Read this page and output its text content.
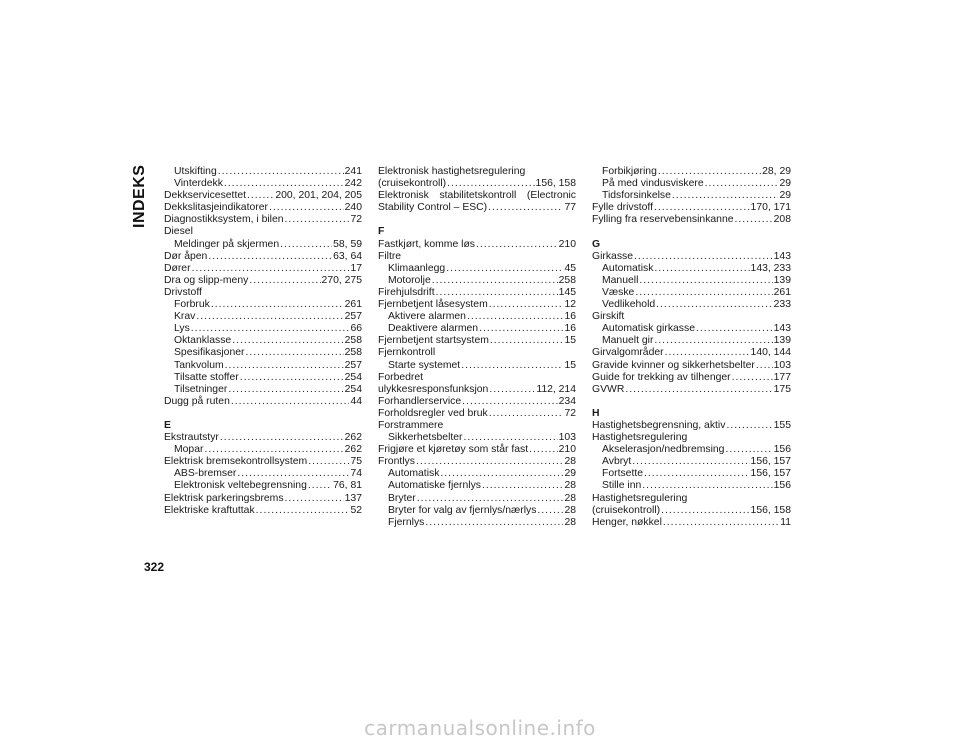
INDEKS	Utskifting .....	241
Vinterdekk .....	242
Dekkservicesettet .....	200, 201, 204, 205
Dekkslitasjeindikatorer .....	240
Diagnostikksystem, i bilen .....	72
Diesel
Meldinger på skjermen .....	58, 59
Dør åpen .....	63, 64
Dører .....	17
Dra og slipp-meny .....	270, 275
Drivstoff
Forbruk .....	261
Krav .....	257
Lys .....	66
Oktanklasse .....	258
Spesifikasjoner .....	258
Tankvolum .....	257
Tilsatte stoffer .....	254
Tilsetninger .....	254
Dugg på ruten .....	44
E
Ekstrautstyr .....	262
Mopar .....	262
Elektrisk bremsekontrollsystem .....	75
ABS-bremser .....	74
Elektronisk veltebegrensning .....	76, 81
Elektrisk parkeringsbrems .....	137
Elektriske kraftuttak .....	52
Elektronisk hastighetsregulering
(cruisekontroll) .....	156, 158
Elektronisk stabilitetskontroll (Electronic
Stability Control – ESC) .....	77
F
Fastkjørt, komme løs .....	210
Filtre
Klimaanlegg .....	45
Motorolje .....	258
Firehjulsdrift .....	145
Fjernbetjent låsesystem .....	12
Aktivere alarmen .....	16
Deaktivere alarmen .....	16
Fjernbetjent startsystem .....	15
Fjernkontroll
Starte systemet .....	15
Forbedret
ulykkesresponsfunksjon .....	112, 214
Forhandlerservice .....	234
Forholdsregler ved bruk .....	72
Forstrammere
Sikkerhetsbelter .....	103
Frigjøre et kjøretøy som står fast .....	210
Frontlys .....	28
Automatisk .....	29
Automatiske fjernlys .....	28
Bryter .....	28
Bryter for valg av fjernlys/nærlys .....	28
Fjernlys .....	28
Forbikjøring .....	28, 29
På med vindusviskere .....	29
Tidsforsinkelse .....	29
Fylle drivstoff .....	170, 171
Fylling fra reservebensinkanne .....	208
G
Girkasse .....	143
Automatisk .....	143, 233
Manuell .....	139
Væske .....	261
Vedlikehold .....	233
Girskift
Automatisk girkasse .....	143
Manuelt gir .....	139
Girvalgområder .....	140, 144
Gravide kvinner og sikkerhetsbelter ..... 103
Guide for trekking av tilhenger .....	177
GVWR .....	175
H
Hastighetsbegrensning, aktiv .....	155
Hastighetsregulering
Akselerasjon/nedbremsing .....	156
Avbryt .....	156, 157
Fortsette .....	156, 157
Stille inn .....	156
Hastighetsregulering
(cruisekontroll) .....	156, 158
Henger, nøkkel .....	11
322
carmanualsonline.info
